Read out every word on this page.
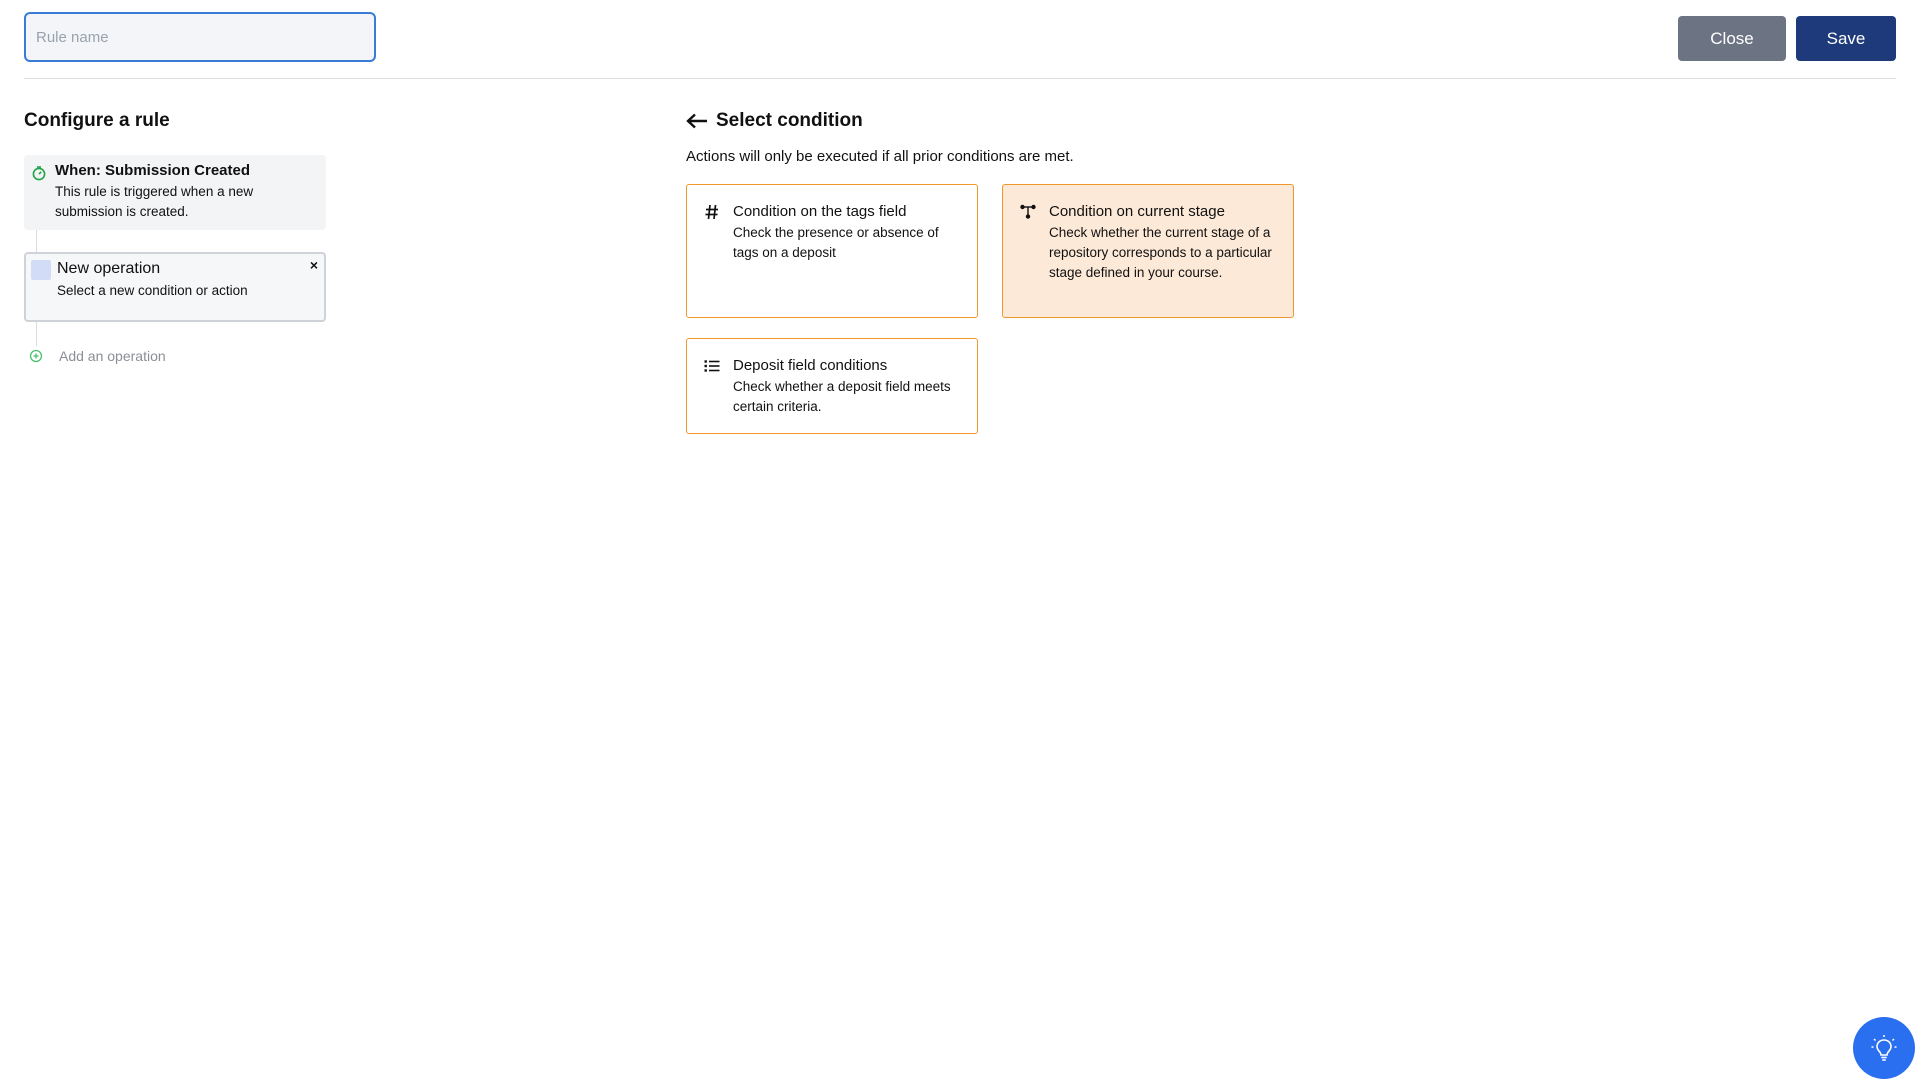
Rule name
Close	Save
Configure a rule
When: Submission Created
This rule is triggered when a new submission is created.
New operation
Select a new condition or action
×
Add an operation
Select condition
Actions will only be executed if all prior conditions are met.
Condition on the tags field
Check the presence or absence of tags on a deposit
Condition on current stage
Check whether the current stage of a repository corresponds to a particular stage defined in your course.
Deposit field conditions
Check whether a deposit field meets certain criteria.
